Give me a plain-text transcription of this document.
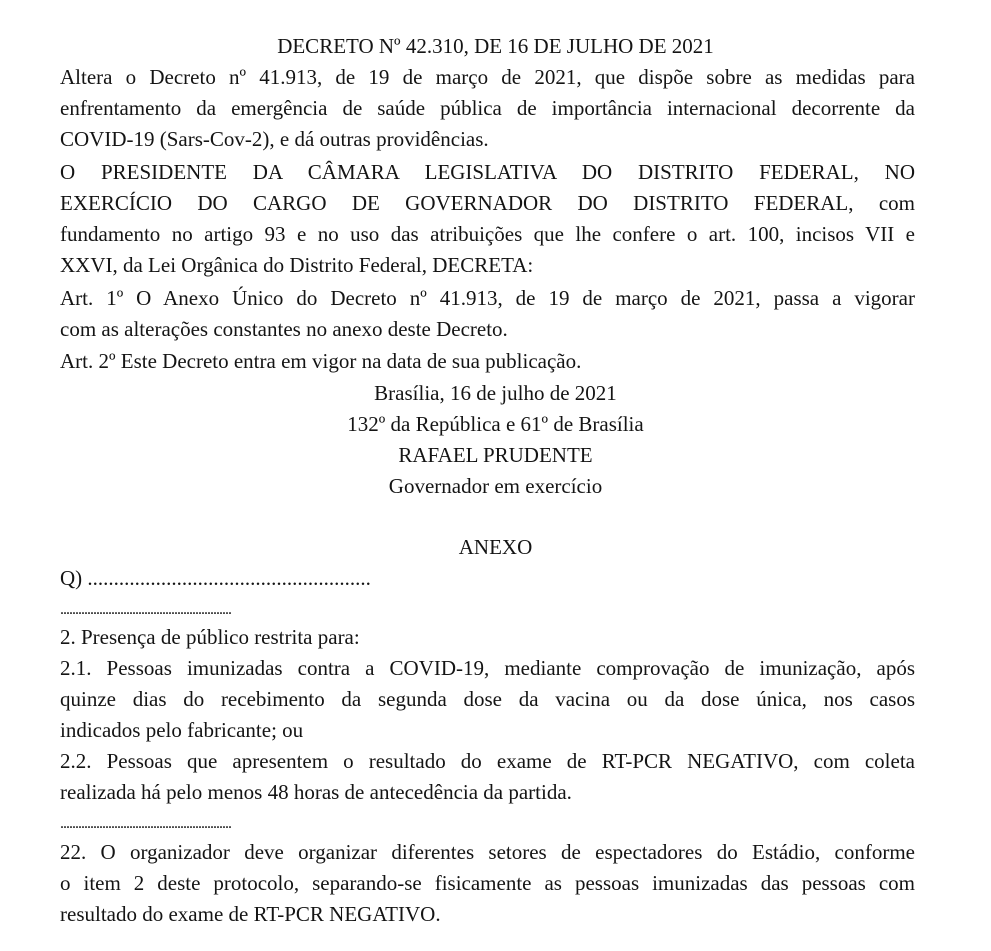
DECRETO Nº 42.310, DE 16 DE JULHO DE 2021
Altera o Decreto nº 41.913, de 19 de março de 2021, que dispõe sobre as medidas para
enfrentamento da emergência de saúde pública de importância internacional decorrente da
COVID-19 (Sars-Cov-2), e dá outras providências.
O PRESIDENTE DA CÂMARA LEGISLATIVA DO DISTRITO FEDERAL, NO
EXERCÍCIO DO CARGO DE GOVERNADOR DO DISTRITO FEDERAL, com
fundamento no artigo 93 e no uso das atribuições que lhe confere o art. 100, incisos VII e
XXVI, da Lei Orgânica do Distrito Federal, DECRETA:
Art. 1º O Anexo Único do Decreto nº 41.913, de 19 de março de 2021, passa a vigorar
com as alterações constantes no anexo deste Decreto.
Art. 2º Este Decreto entra em vigor na data de sua publicação.
Brasília, 16 de julho de 2021
132º da República e 61º de Brasília
RAFAEL PRUDENTE
Governador em exercício
ANEXO
Q) ......................................................
.........................................................
2. Presença de público restrita para:
2.1. Pessoas imunizadas contra a COVID-19, mediante comprovação de imunização, após
quinze dias do recebimento da segunda dose da vacina ou da dose única, nos casos
indicados pelo fabricante; ou
2.2. Pessoas que apresentem o resultado do exame de RT-PCR NEGATIVO, com coleta
realizada há pelo menos 48 horas de antecedência da partida.
.........................................................
22. O organizador deve organizar diferentes setores de espectadores do Estádio, conforme
o item 2 deste protocolo, separando-se fisicamente as pessoas imunizadas das pessoas com
resultado do exame de RT-PCR NEGATIVO.
